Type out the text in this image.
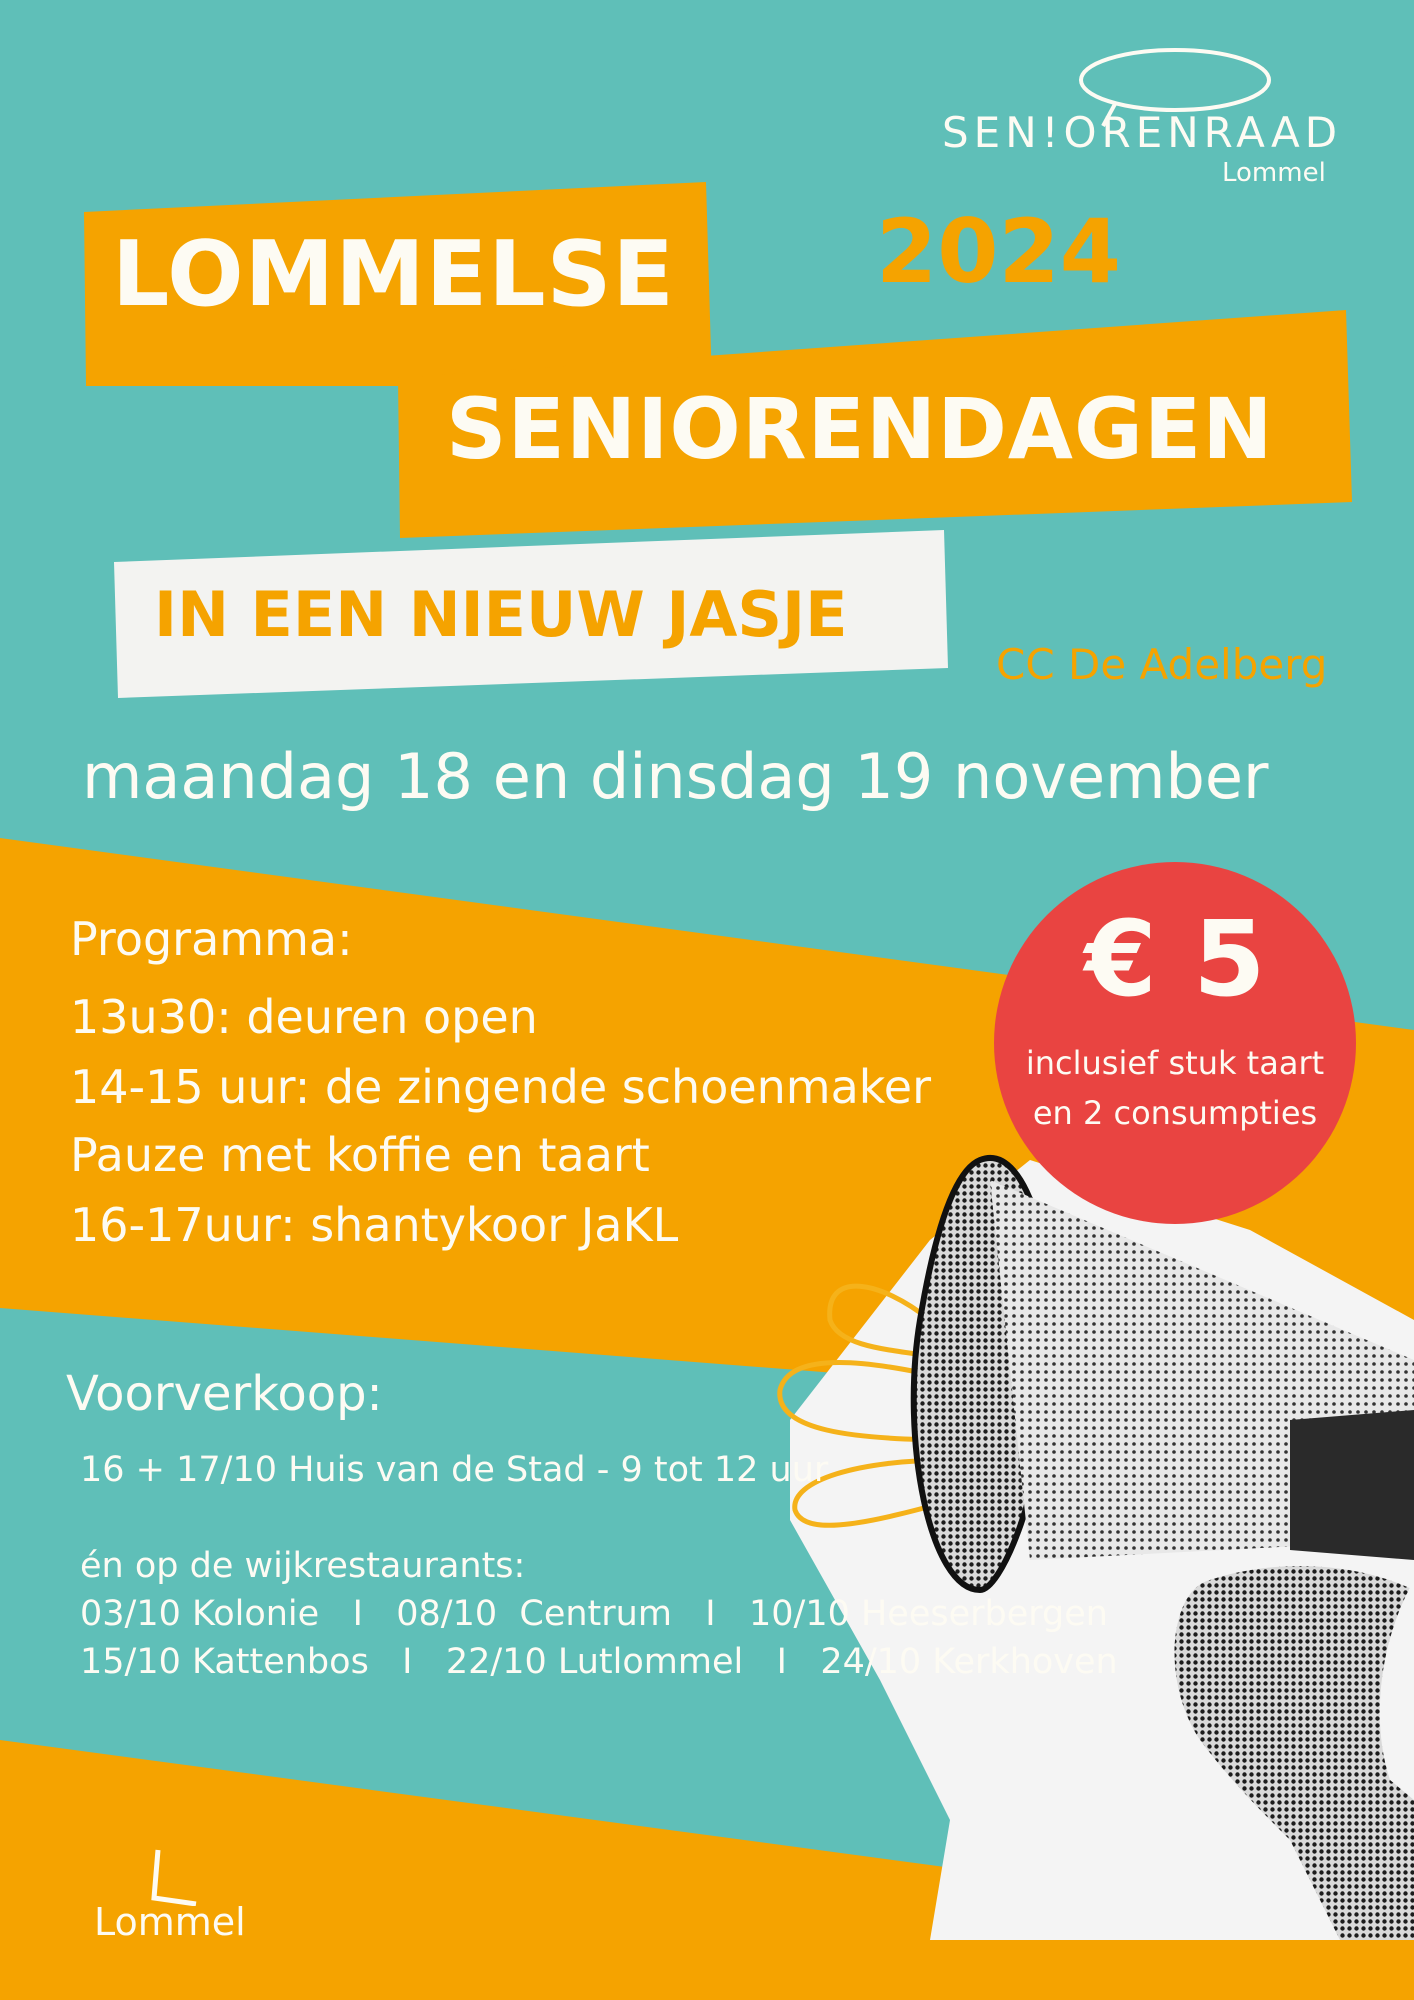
SEN!ORENRAAD
Lommel
LOMMELSE 2024
SENIORENDAGEN
IN EEN NIEUW JASJE
CC De Adelberg
maandag 18 en dinsdag 19 november
Programma:
13u30: deuren open
14-15 uur: de zingende schoenmaker
Pauze met koffie en taart
16-17uur: shantykoor JaKL
€ 5
inclusief stuk taart
en 2 consumpties
Voorverkoop:
16 + 17/10 Huis van de Stad - 9 tot 12 uur
én op de wijkrestaurants:
03/10 Kolonie   I   08/10  Centrum   I   10/10 Heeserbergen
15/10 Kattenbos   I   22/10 Lutlommel   I   24/10 Kerkhoven
Lommel
